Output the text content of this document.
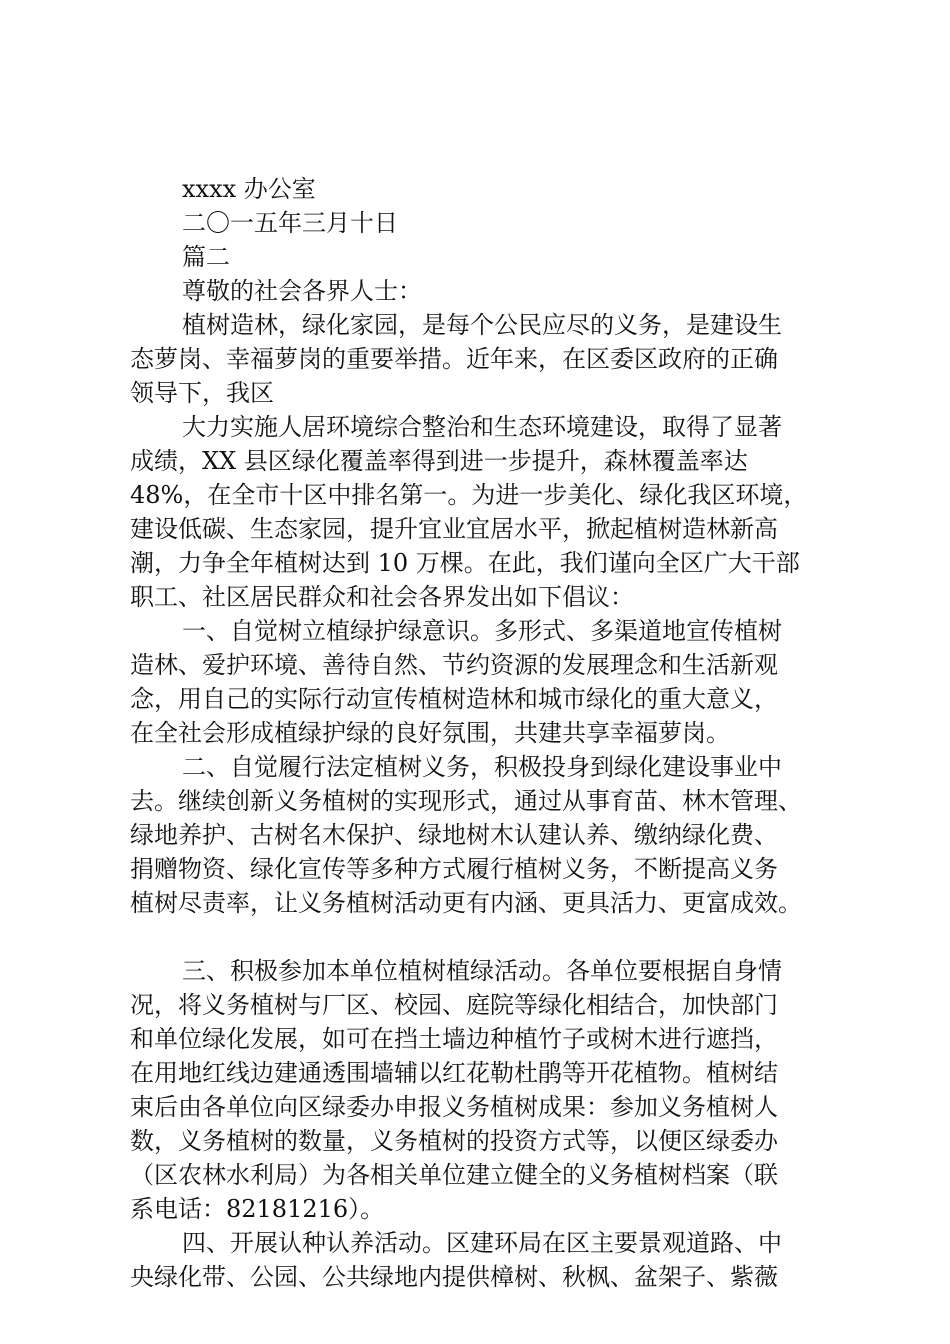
xxxx 办公室
二〇一五年三月十日
篇二
尊敬的社会各界人士：
植树造林，绿化家园，是每个公民应尽的义务，是建设生
态萝岗、幸福萝岗的重要举措。近年来，在区委区政府的正确
领导下，我区
大力实施人居环境综合整治和生态环境建设，取得了显著
成绩，XX 县区绿化覆盖率得到进一步提升，森林覆盖率达
48%，在全市十区中排名第一。为进一步美化、绿化我区环境，
建设低碳、生态家园，提升宜业宜居水平，掀起植树造林新高
潮，力争全年植树达到 10 万棵。在此，我们谨向全区广大干部
职工、社区居民群众和社会各界发出如下倡议：
一、自觉树立植绿护绿意识。多形式、多渠道地宣传植树
造林、爱护环境、善待自然、节约资源的发展理念和生活新观
念，用自己的实际行动宣传植树造林和城市绿化的重大意义，
在全社会形成植绿护绿的良好氛围，共建共享幸福萝岗。
二、自觉履行法定植树义务，积极投身到绿化建设事业中
去。继续创新义务植树的实现形式，通过从事育苗、林木管理、
绿地养护、古树名木保护、绿地树木认建认养、缴纳绿化费、
捐赠物资、绿化宣传等多种方式履行植树义务，不断提高义务
植树尽责率，让义务植树活动更有内涵、更具活力、更富成效。
三、积极参加本单位植树植绿活动。各单位要根据自身情
况，将义务植树与厂区、校园、庭院等绿化相结合，加快部门
和单位绿化发展，如可在挡土墙边种植竹子或树木进行遮挡，
在用地红线边建通透围墙辅以红花勒杜鹃等开花植物。植树结
束后由各单位向区绿委办申报义务植树成果：参加义务植树人
数，义务植树的数量，义务植树的投资方式等，以便区绿委办
（区农林水利局）为各相关单位建立健全的义务植树档案（联
系电话：82181216）。
四、开展认种认养活动。区建环局在区主要景观道路、中
央绿化带、公园、公共绿地内提供樟树、秋枫、盆架子、紫薇
